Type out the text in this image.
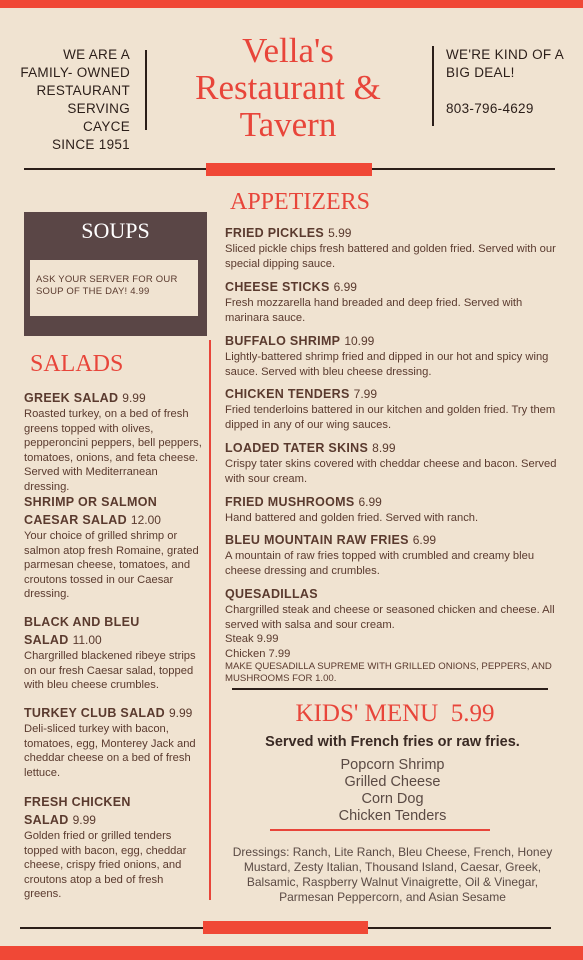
WE ARE A
FAMILY- OWNED
RESTAURANT
SERVING CAYCE
SINCE 1951
Vella's
Restaurant &
Tavern
WE'RE KIND OF A
BIG DEAL!
803-796-4629
SOUPS
ASK YOUR SERVER FOR OUR SOUP OF THE DAY! 4.99
SALADS
GREEK SALAD 9.99
Roasted turkey, on a bed of fresh greens topped with olives, pepperoncini peppers, bell peppers, tomatoes, onions, and feta cheese. Served with Mediterranean dressing.
SHRIMP OR SALMON CAESAR SALAD 12.00
Your choice of grilled shrimp or salmon atop fresh Romaine, grated parmesan cheese, tomatoes, and croutons tossed in our Caesar dressing.
BLACK AND BLEU SALAD 11.00
Chargrilled blackened ribeye strips on our fresh Caesar salad, topped with bleu cheese crumbles.
TURKEY CLUB SALAD 9.99
Deli-sliced turkey with bacon, tomatoes, egg, Monterey Jack and cheddar cheese on a bed of fresh lettuce.
FRESH CHICKEN SALAD 9.99
Golden fried or grilled tenders topped with bacon, egg, cheddar cheese, crispy fried onions, and croutons atop a bed of fresh greens.
APPETIZERS
FRIED PICKLES 5.99
Sliced pickle chips fresh battered and golden fried. Served with our special dipping sauce.
CHEESE STICKS 6.99
Fresh mozzarella hand breaded and deep fried. Served with marinara sauce.
BUFFALO SHRIMP 10.99
Lightly-battered shrimp fried and dipped in our hot and spicy wing sauce. Served with bleu cheese dressing.
CHICKEN TENDERS 7.99
Fried tenderloins battered in our kitchen and golden fried. Try them dipped in any of our wing sauces.
LOADED TATER SKINS 8.99
Crispy tater skins covered with cheddar cheese and bacon. Served with sour cream.
FRIED MUSHROOMS 6.99
Hand battered and golden fried. Served with ranch.
BLEU MOUNTAIN RAW FRIES 6.99
A mountain of raw fries topped with crumbled and creamy bleu cheese dressing and crumbles.
QUESADILLAS
Chargrilled steak and cheese or seasoned chicken and cheese. All served with salsa and sour cream.
Steak 9.99
Chicken 7.99
MAKE QUESADILLA SUPREME WITH GRILLED ONIONS, PEPPERS, AND MUSHROOMS FOR 1.00.
KIDS' MENU 5.99
Served with French fries or raw fries.
Popcorn Shrimp
Grilled Cheese
Corn Dog
Chicken Tenders
Dressings: Ranch, Lite Ranch, Bleu Cheese, French, Honey Mustard, Zesty Italian, Thousand Island, Caesar, Greek, Balsamic, Raspberry Walnut Vinaigrette, Oil & Vinegar, Parmesan Peppercorn, and Asian Sesame
